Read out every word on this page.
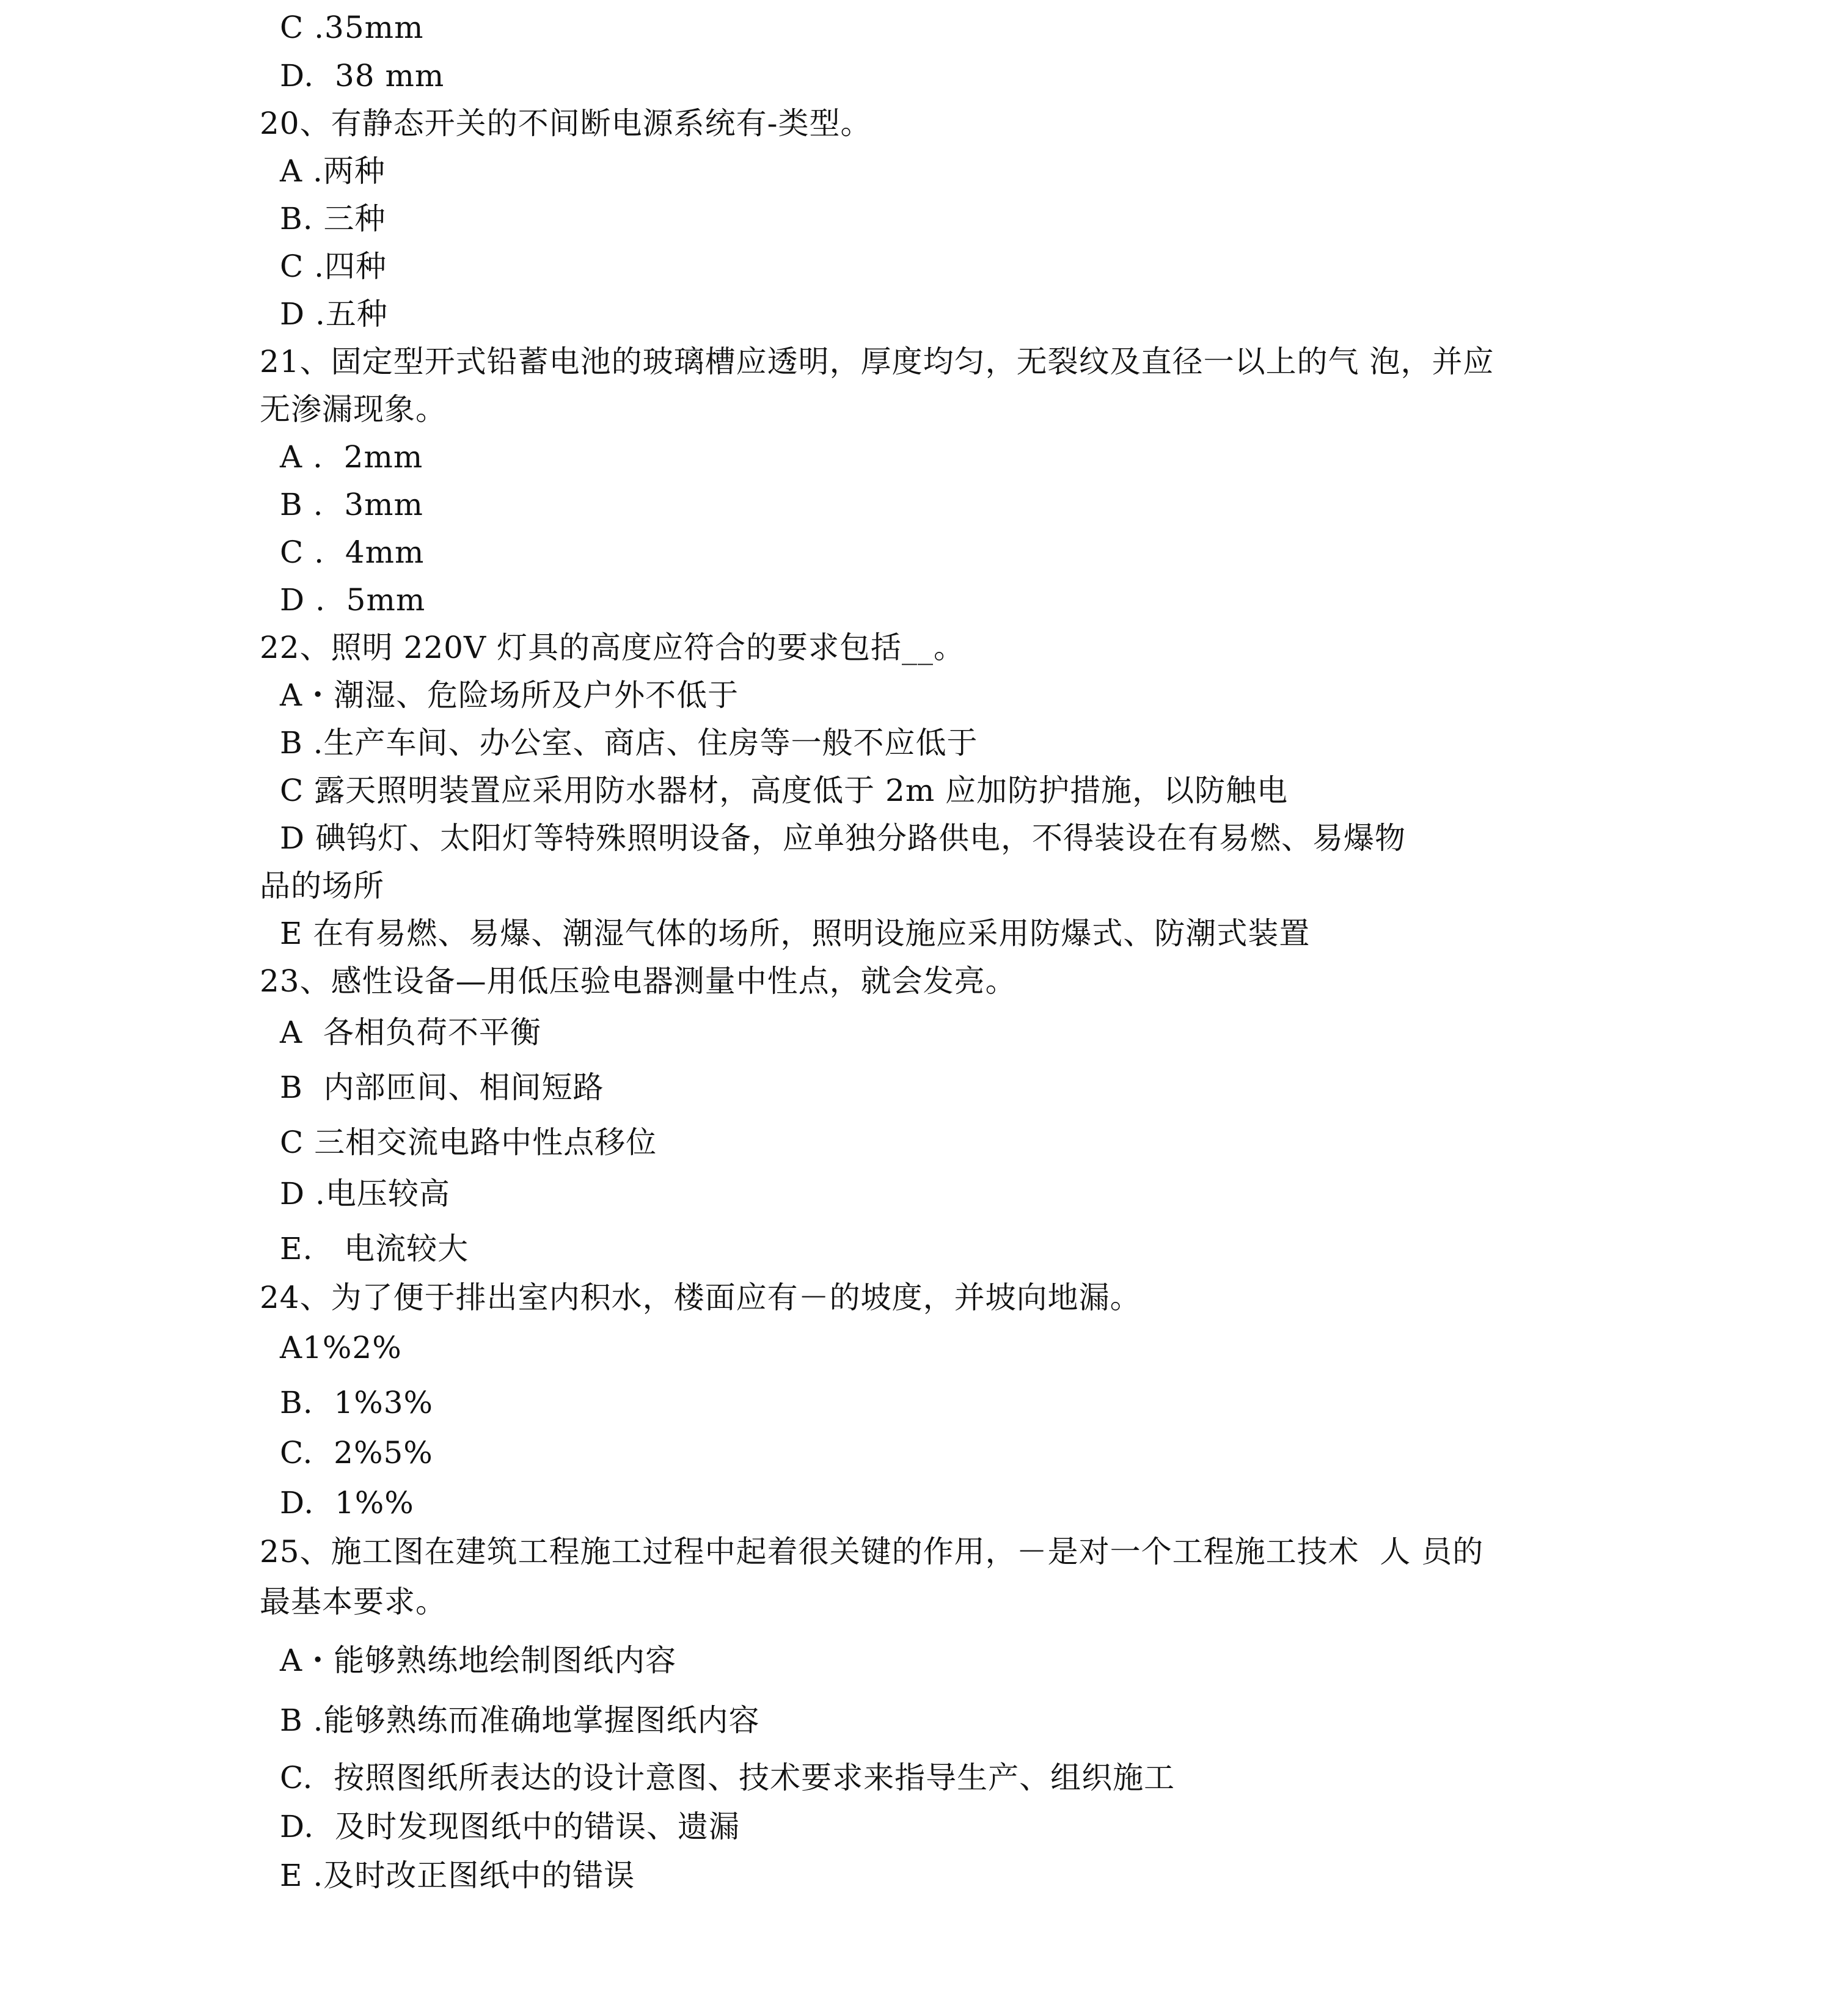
C .35mm
D.  38 mm
20、有静态开关的不间断电源系统有-类型。
A .两种
B. 三种
C .四种
D .五种
21、固定型开式铅蓄电池的玻璃槽应透明，厚度均匀，无裂纹及直径一以上的气 泡，并应
无渗漏现象。
A .  2mm
B .  3mm
C .  4mm
D .  5mm
22、照明 220V 灯具的高度应符合的要求包括__。
A・潮湿、危险场所及户外不低于
B .生产车间、办公室、商店、住房等一般不应低于
C 露天照明装置应采用防水器材，高度低于 2m 应加防护措施，以防触电
D 碘钨灯、太阳灯等特殊照明设备，应单独分路供电，不得装设在有易燃、易爆物
品的场所
E 在有易燃、易爆、潮湿气体的场所，照明设施应采用防爆式、防潮式装置
23、感性设备—用低压验电器测量中性点，就会发亮。
A  各相负荷不平衡
B  内部匝间、相间短路
C 三相交流电路中性点移位
D .电压较高
E.   电流较大
24、为了便于排出室内积水，楼面应有－的坡度，并坡向地漏。
A1%2%
B.  1%3%
C.  2%5%
D.  1%%
25、施工图在建筑工程施工过程中起着很关键的作用，－是对一个工程施工技术  人 员的
最基本要求。
A・能够熟练地绘制图纸内容
B .能够熟练而准确地掌握图纸内容
C.  按照图纸所表达的设计意图、技术要求来指导生产、组织施工
D.  及时发现图纸中的错误、遗漏
E .及时改正图纸中的错误
